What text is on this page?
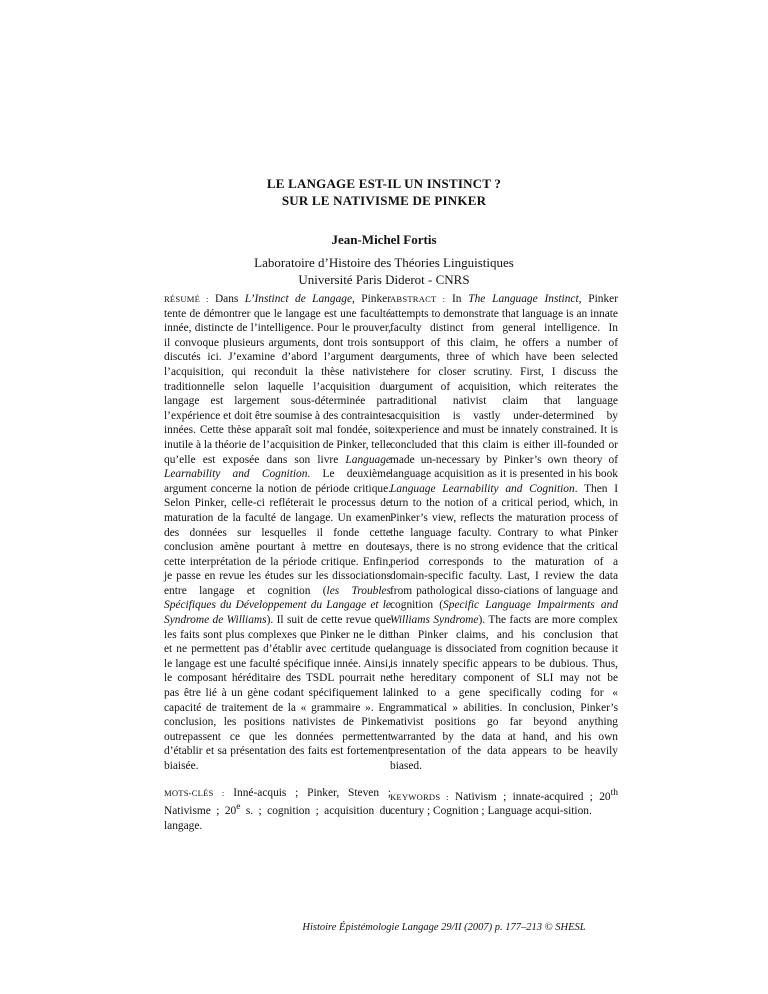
LE LANGAGE EST-IL UN INSTINCT ?
SUR LE NATIVISME DE PINKER
Jean-Michel Fortis
Laboratoire d’Histoire des Théories Linguistiques
Université Paris Diderot - CNRS
RÉSUMÉ : Dans L’Instinct de Langage, Pinker tente de démontrer que le langage est une faculté innée, distincte de l’intelligence. Pour le prouver, il convoque plusieurs arguments, dont trois sont discutés ici. J’examine d’abord l’argument de l’acquisition, qui reconduit la thèse nativiste traditionnelle selon laquelle l’acquisition du langage est largement sous-déterminée par l’expérience et doit être soumise à des contraintes innées. Cette thèse apparaît soit mal fondée, soit inutile à la théorie de l’acquisition de Pinker, telle qu’elle est exposée dans son livre Language Learnability and Cognition. Le deuxième argument concerne la notion de période critique. Selon Pinker, celle-ci refléterait le processus de maturation de la faculté de langage. Un examen des données sur lesquelles il fonde cette conclusion amène pourtant à mettre en doute cette interprétation de la période critique. Enfin, je passe en revue les études sur les dissociations entre langage et cognition (les Troubles Spécifiques du Développement du Langage et le Syndrome de Williams). Il suit de cette revue que les faits sont plus complexes que Pinker ne le dit et ne permettent pas d’établir avec certitude que le langage est une faculté spécifique innée. Ainsi, le composant héréditaire des TSDL pourrait ne pas être lié à un gène codant spécifiquement la capacité de traitement de la « grammaire ». En conclusion, les positions nativistes de Pinker outrepassent ce que les données permettent d’établir et sa présentation des faits est fortement biaisée.
MOTS-CLÉS : Inné-acquis ; Pinker, Steven ; Nativisme ; 20e s. ; cognition ; acquisition du langage.
ABSTRACT : In The Language Instinct, Pinker attempts to demonstrate that language is an innate faculty distinct from general intelligence. In support of this claim, he offers a number of arguments, three of which have been selected here for closer scrutiny. First, I discuss the argument of acquisition, which reiterates the traditional nativist claim that language acquisition is vastly under-determined by experience and must be innately constrained. It is concluded that this claim is either ill-founded or made un-necessary by Pinker’s own theory of language acquisition as it is presented in his book Language Learnability and Cognition. Then I turn to the notion of a critical period, which, in Pinker’s view, reflects the maturation process of the language faculty. Contrary to what Pinker says, there is no strong evidence that the critical period corresponds to the maturation of a domain-specific faculty. Last, I review the data from pathological disso-ciations of language and cognition (Specific Language Impairments and Williams Syndrome). The facts are more complex than Pinker claims, and his conclusion that language is dissociated from cognition because it is innately specific appears to be dubious. Thus, the hereditary component of SLI may not be linked to a gene specifically coding for « grammatical » abilities. In conclusion, Pinker’s nativist positions go far beyond anything warranted by the data at hand, and his own presentation of the data appears to be heavily biased.
KEYWORDS : Nativism ; innate-acquired ; 20th century ; Cognition ; Language acqui-sition.
Histoire Épistémologie Langage 29/II (2007) p. 177–213 © SHESL
